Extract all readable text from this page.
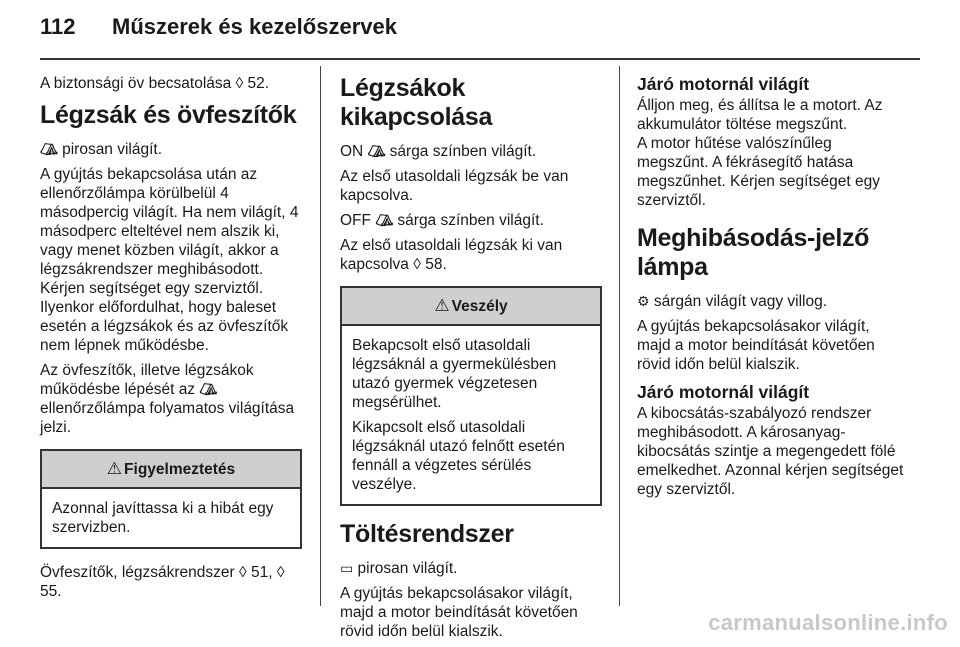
112 Műszerek és kezelőszervek

A biztonsági öv becsatolása ◊ 52.

Légzsák és övfeszítők

⛺︎ pirosan világít.

A gyújtás bekapcsolása után az ellenőrzőlámpa körülbelül 4 másodpercig világít. Ha nem világít, 4 másodperc elteltével nem alszik ki, vagy menet közben világít, akkor a légzsákrendszer meghibásodott. Kérjen segítséget egy szerviztől. Ilyenkor előfordulhat, hogy baleset esetén a légzsákok és az övfeszítők nem lépnek működésbe.

Az övfeszítők, illetve légzsákok működésbe lépését az ⛺︎
ellenőrzőlámpa folyamatos világítása jelzi.

⚠ Figyelmeztetés

Azonnal javíttassa ki a hibát egy szervizben.

Övfeszítők, légzsákrendszer ◊ 51, ◊ 55.

Légzsákok kikapcsolása

ON ⛺︎ sárga színben világít.

Az első utasoldali légzsák be van kapcsolva.

OFF ⛺︎ sárga színben világít.

Az első utasoldali légzsák ki van kapcsolva ◊ 58.

⚠ Veszély

Bekapcsolt első utasoldali légzsáknál a gyermekülésben utazó gyermek végzetesen megsérülhet.

Kikapcsolt első utasoldali légzsáknál utazó felnőtt esetén fennáll a végzetes sérülés veszélye.

Töltésrendszer

▭ pirosan világít.

A gyújtás bekapcsolásakor világít, majd a motor beindítását követően rövid időn belül kialszik.

Járó motornál világít

Álljon meg, és állítsa le a motort. Az akkumulátor töltése megszűnt.

A motor hűtése valószínűleg megszűnt. A fékrásegítő hatása megszűnhet. Kérjen segítséget egy szerviztől.

Meghibásodás-jelző lámpa

⚙ sárgán világít vagy villog.

A gyújtás bekapcsolásakor világít, majd a motor beindítását követően rövid időn belül kialszik.

Járó motornál világít

A kibocsátás-szabályozó rendszer meghibásodott. A károsanyag-kibocsátás szintje a megengedett fölé emelkedhet. Azonnal kérjen segítséget egy szerviztől.

carmanualsonline.info
